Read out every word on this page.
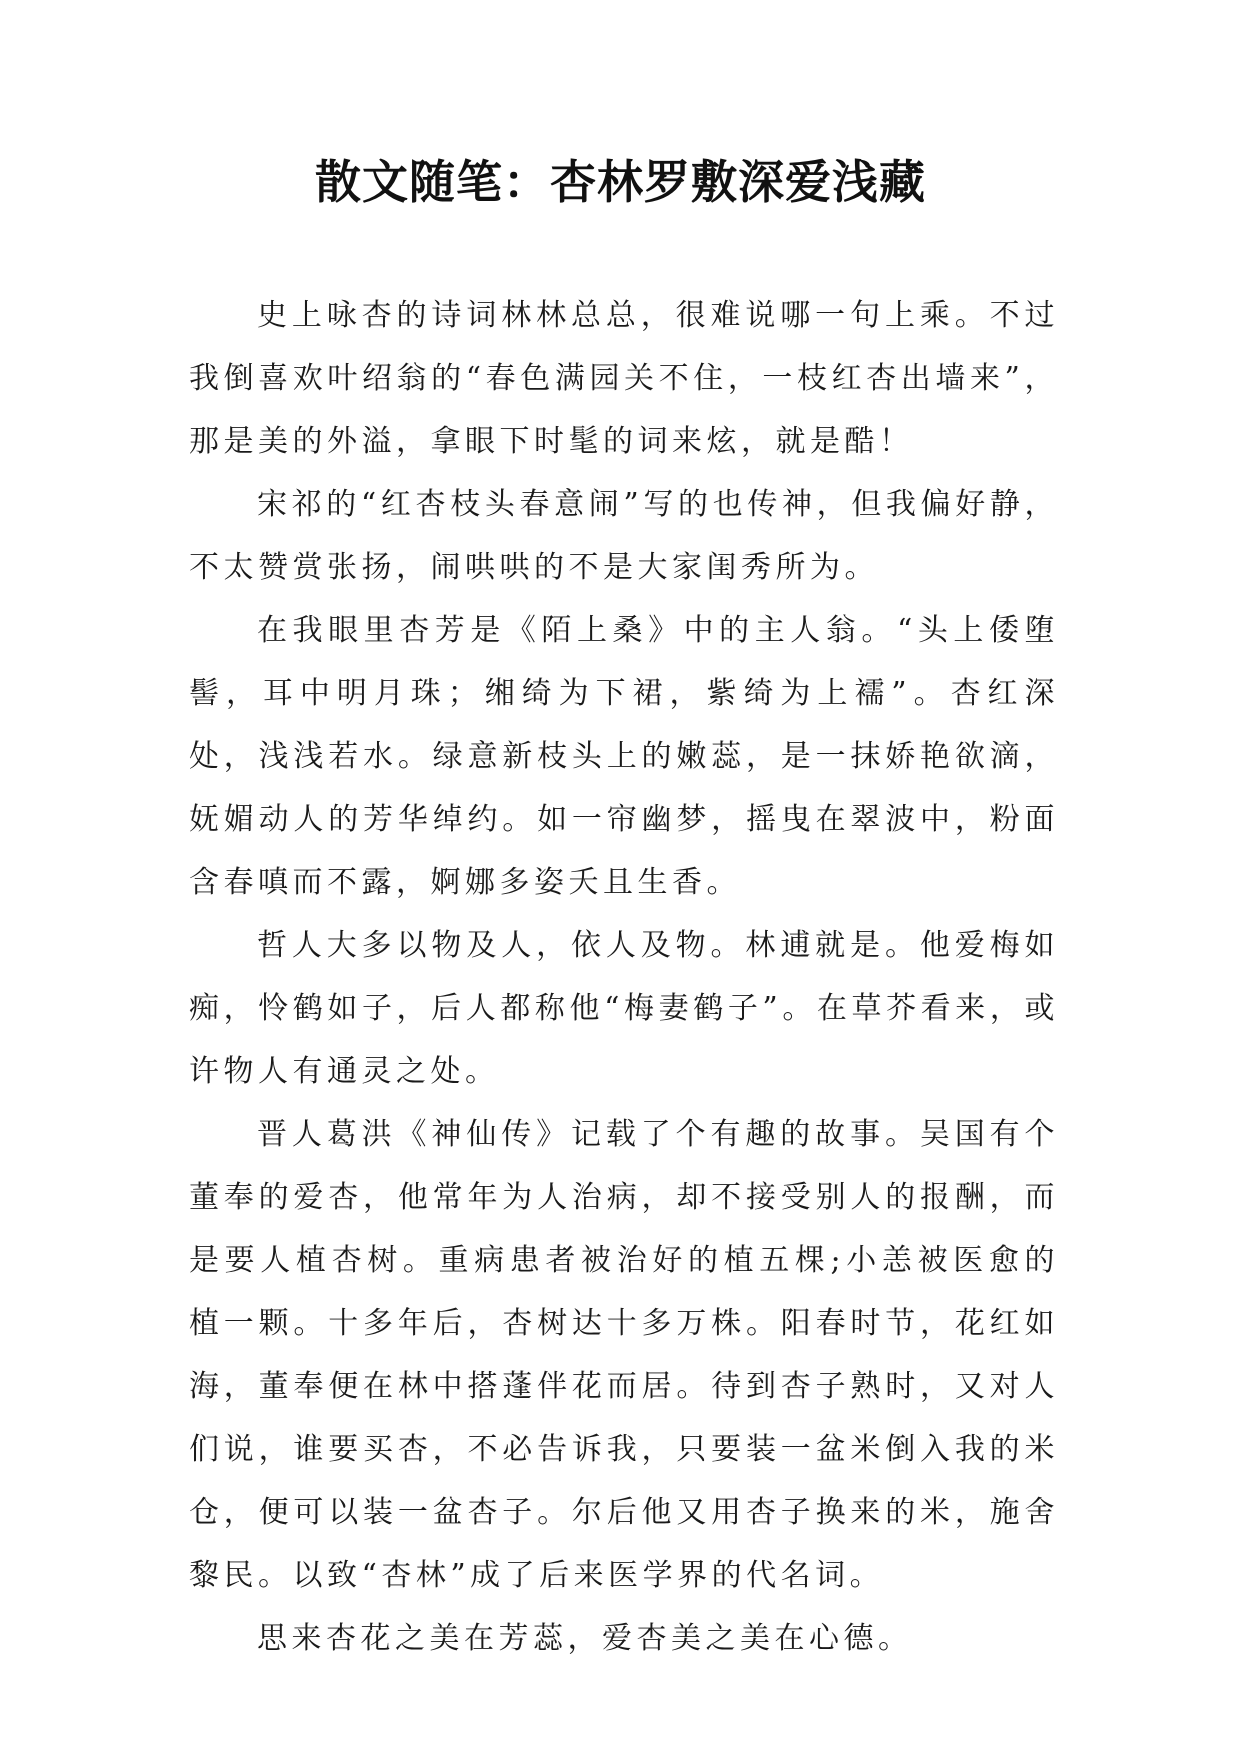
散文随笔：杏林罗敷深爱浅藏

史上咏杏的诗词林林总总，很难说哪一句上乘。不过我倒喜欢叶绍翁的“春色满园关不住，一枝红杏出墙来”，那是美的外溢，拿眼下时髦的词来炫，就是酷！

宋祁的“红杏枝头春意闹”写的也传神，但我偏好静，不太赞赏张扬，闹哄哄的不是大家闺秀所为。

在我眼里杏芳是《陌上桑》中的主人翁。“头上倭堕髻，耳中明月珠；缃绮为下裙，紫绮为上襦”。杏红深处，浅浅若水。绿意新枝头上的嫩蕊，是一抹娇艳欲滴，妩媚动人的芳华绰约。如一帘幽梦，摇曳在翠波中，粉面含春嗔而不露，婀娜多姿夭且生香。

哲人大多以物及人，依人及物。林逋就是。他爱梅如痴，怜鹤如子，后人都称他“梅妻鹤子”。在草芥看来，或许物人有通灵之处。

晋人葛洪《神仙传》记载了个有趣的故事。吴国有个董奉的爱杏，他常年为人治病，却不接受别人的报酬，而是要人植杏树。重病患者被治好的植五棵;小恙被医愈的植一颗。十多年后，杏树达十多万株。阳春时节，花红如海，董奉便在林中搭蓬伴花而居。待到杏子熟时，又对人们说，谁要买杏，不必告诉我，只要装一盆米倒入我的米仓，便可以装一盆杏子。尔后他又用杏子换来的米，施舍黎民。以致“杏林”成了后来医学界的代名词。

思来杏花之美在芳蕊，爱杏美之美在心德。
